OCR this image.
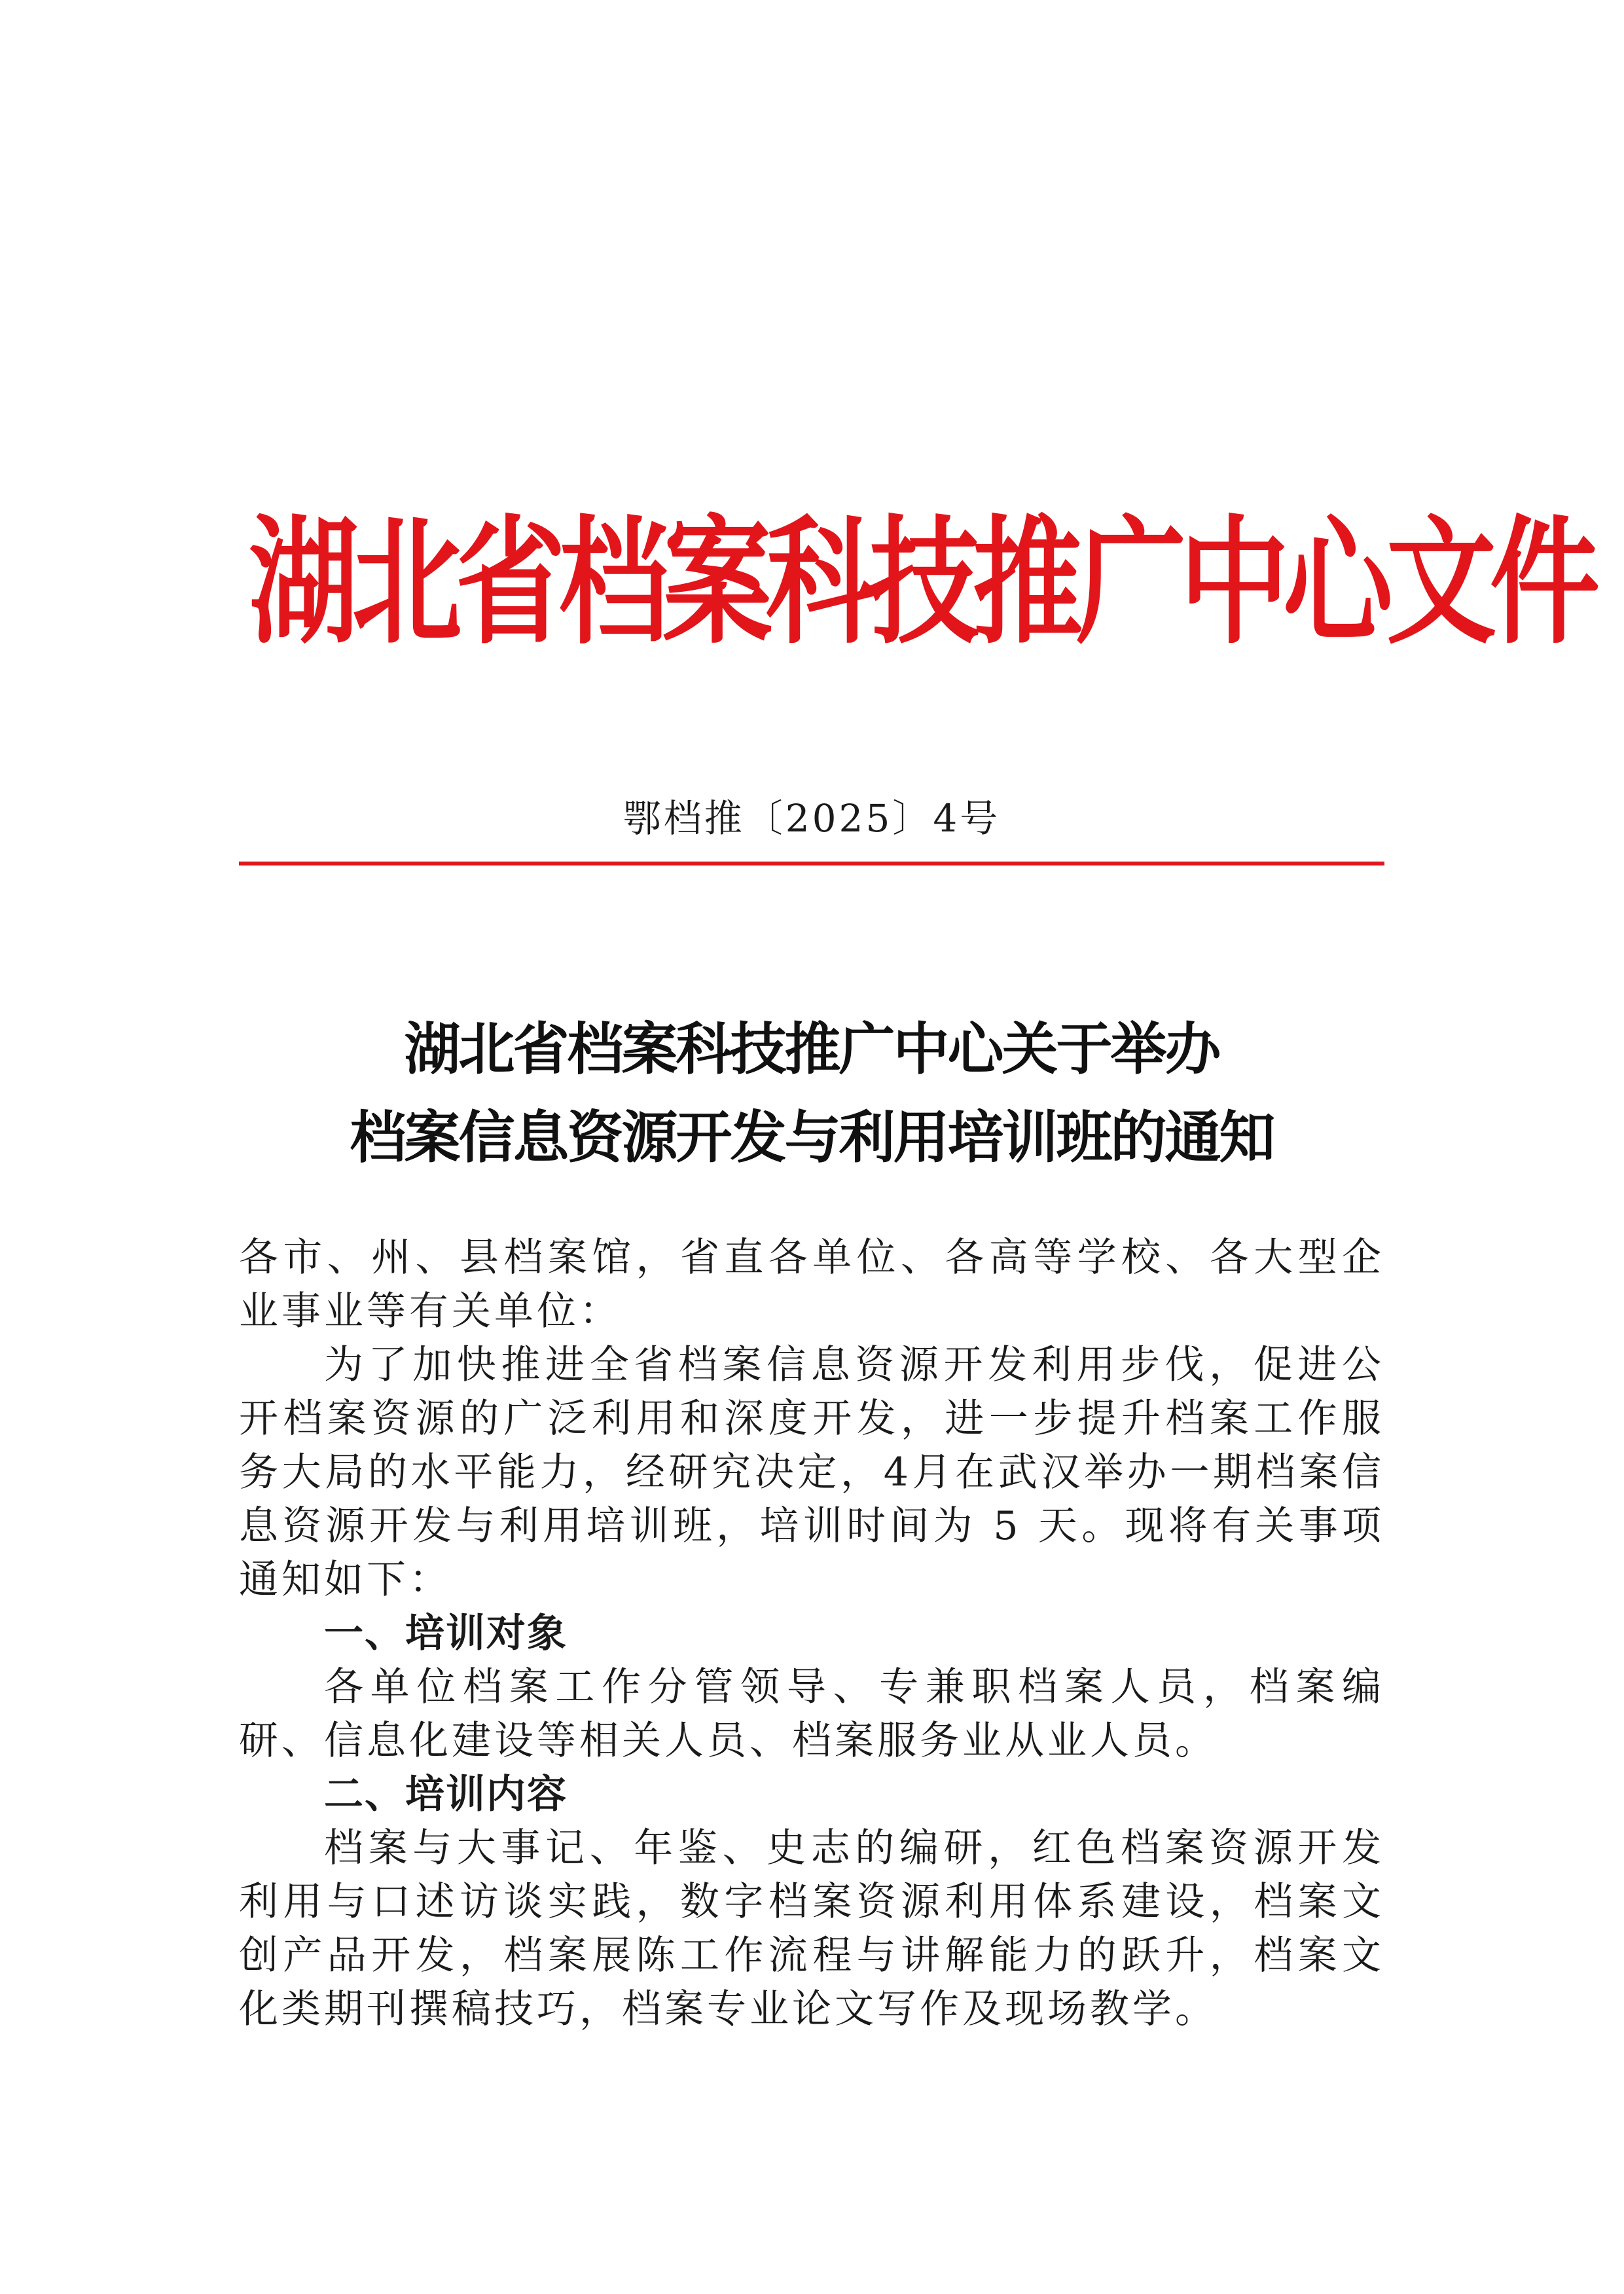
湖北省档案科技推广中心文件
鄂档推〔2025〕4号
湖北省档案科技推广中心关于举办
档案信息资源开发与利用培训班的通知

各市、州、县档案馆，省直各单位、各高等学校、各大型企业事业等有关单位：

为了加快推进全省档案信息资源开发利用步伐，促进公开档案资源的广泛利用和深度开发，进一步提升档案工作服务大局的水平能力，经研究决定，4月在武汉举办一期档案信息资源开发与利用培训班，培训时间为 5 天。现将有关事项通知如下：

一、培训对象

各单位档案工作分管领导、专兼职档案人员，档案编研、信息化建设等相关人员、档案服务业从业人员。

二、培训内容

档案与大事记、年鉴、史志的编研，红色档案资源开发利用与口述访谈实践，数字档案资源利用体系建设，档案文创产品开发，档案展陈工作流程与讲解能力的跃升，档案文化类期刊撰稿技巧，档案专业论文写作及现场教学。
